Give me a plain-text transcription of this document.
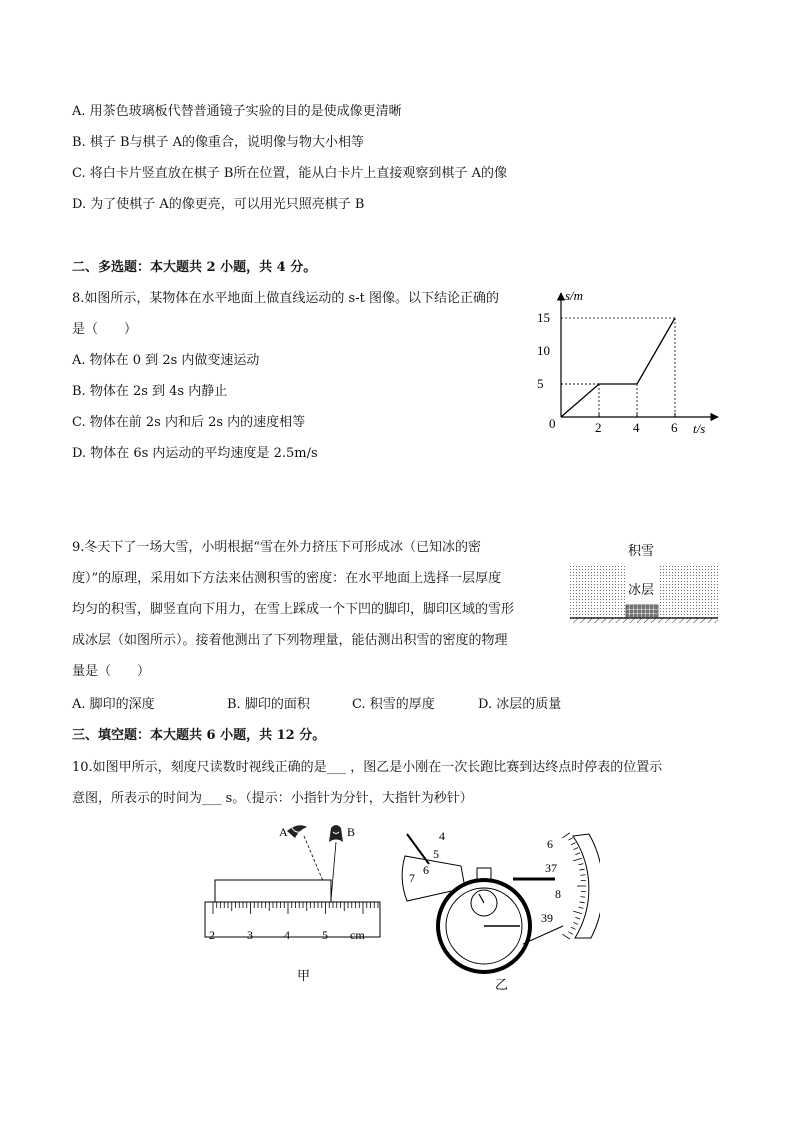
A. 用茶色玻璃板代替普通镜子实验的目的是使成像更清晰
B. 棋子 B与棋子 A的像重合，说明像与物大小相等
C. 将白卡片竖直放在棋子 B所在位置，能从白卡片上直接观察到棋子 A的像
D. 为了使棋子 A的像更亮，可以用光只照亮棋子 B
二、多选题：本大题共 2 小题，共 4 分。
8.如图所示，某物体在水平地面上做直线运动的 s-t 图像。以下结论正确的
是（　　）
A. 物体在 0 到 2s 内做变速运动
B. 物体在 2s 到 4s 内静止
C. 物体在前 2s 内和后 2s 内的速度相等
D. 物体在 6s 内运动的平均速度是 2.5m/s
5
10
15
2 4 6
s/m
t/s
0
9.冬天下了一场大雪，小明根据“雪在外力挤压下可形成冰（已知冰的密
度）”的原理，采用如下方法来估测积雪的密度：在水平地面上选择一层厚度
均匀的积雪，脚竖直向下用力，在雪上踩成一个下凹的脚印，脚印区域的雪形
成冰层（如图所示）。接着他测出了下列物理量，能估测出积雪的密度的物理
量是（　　）
A. 脚印的深度	B. 脚印的面积	C. 积雪的厚度	D. 冰层的质量
积雪
冰层
三、填空题：本大题共 6 小题，共 12 分。
10.如图甲所示，刻度尺读数时视线正确的是___ ，图乙是小刚在一次长跑比赛到达终点时停表的位置示
意图，所表示的时间为___ s。（提示：小指针为分针，大指针为秒针）
A	B
2	3	4	5 cm
甲
4
5
6
7
6
37
8
39
乙
